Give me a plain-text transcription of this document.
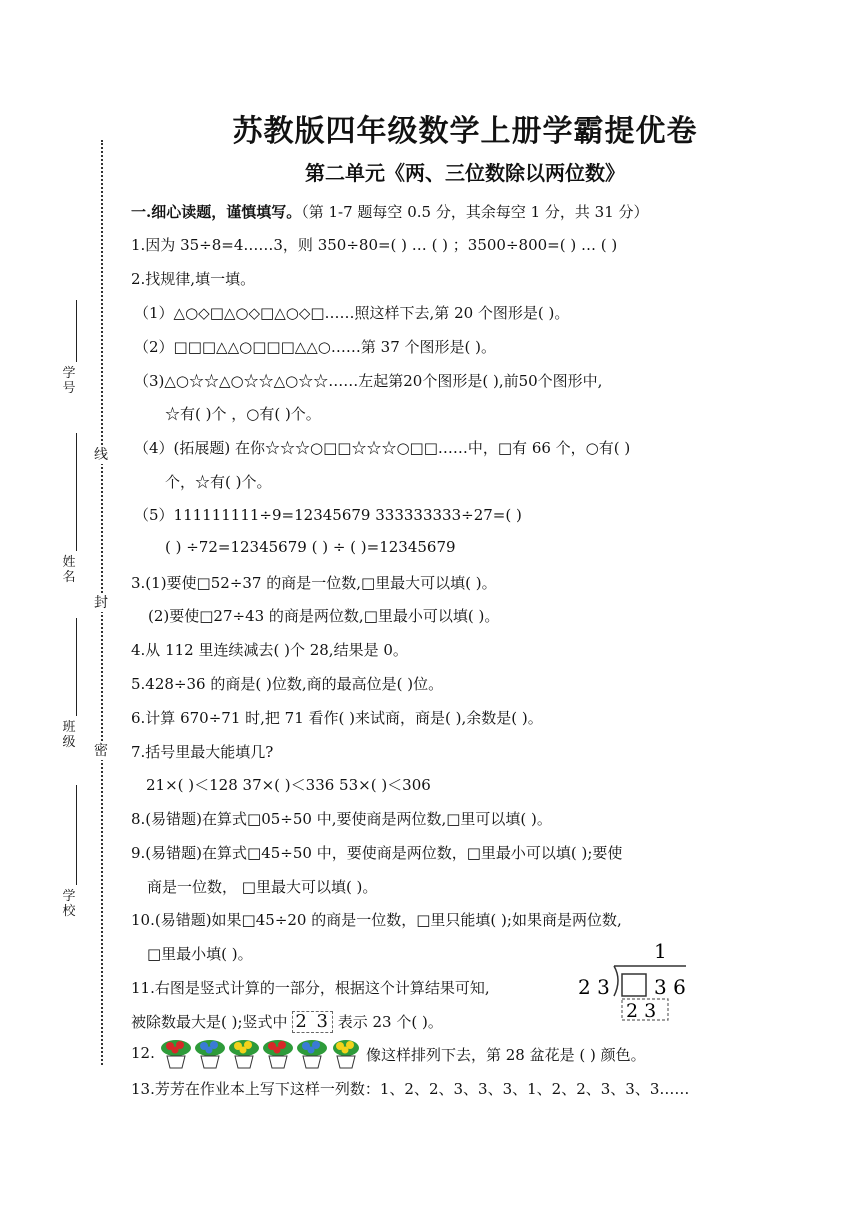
线
封
密
学号
姓名
班级
学校
苏教版四年级数学上册学霸提优卷
第二单元《两、三位数除以两位数》
一.细心读题，谨慎填写。（第 1-7 题每空 0.5 分，其余每空 1 分，共 31 分）
1.因为 35÷8=4……3，则 350÷80=( ) … ( ) ；3500÷800=( ) … ( )
2.找规律,填一填。
（1）△○◇□△○◇□△○◇□……照这样下去,第 20 个图形是( )。
（2）□□□△△○□□□△△○……第 37 个图形是( )。
（3)△○☆☆△○☆☆△○☆☆……左起第20个图形是( ),前50个图形中,
☆有( )个 ，○有( )个。
（4）(拓展题) 在你☆☆☆○□□☆☆☆○□□……中，□有 66 个，○有( )
个，☆有( )个。
（5）111111111÷9=12345679 333333333÷27=( )
( ) ÷72=12345679 ( ) ÷ ( )=12345679
3.(1)要使□52÷37 的商是一位数,□里最大可以填( )。
(2)要使□27÷43 的商是两位数,□里最小可以填( )。
4.从 112 里连续减去( )个 28,结果是 0。
5.428÷36 的商是( )位数,商的最高位是( )位。
6.计算 670÷71 时,把 71 看作( )来试商，商是( ),余数是( )。
7.括号里最大能填几?
21×( )＜128 37×( )＜336 53×( )＜306
8.(易错题)在算式□05÷50 中,要使商是两位数,□里可以填( )。
9.(易错题)在算式□45÷50 中，要使商是两位数，□里最小可以填( );要使
商是一位数， □里最大可以填( )。
10.(易错题)如果□45÷20 的商是一位数，□里只能填( );如果商是两位数,
□里最小填( )。
11.右图是竖式计算的一部分，根据这个计算结果可知,
被除数最大是( );竖式中 2 3 表示 23 个( )。
1
2 3 3 6
2 3
12.	像这样排列下去，第 28 盆花是 ( ) 颜色。
13.芳芳在作业本上写下这样一列数：1、2、2、3、3、3、1、2、2、3、3、3……
